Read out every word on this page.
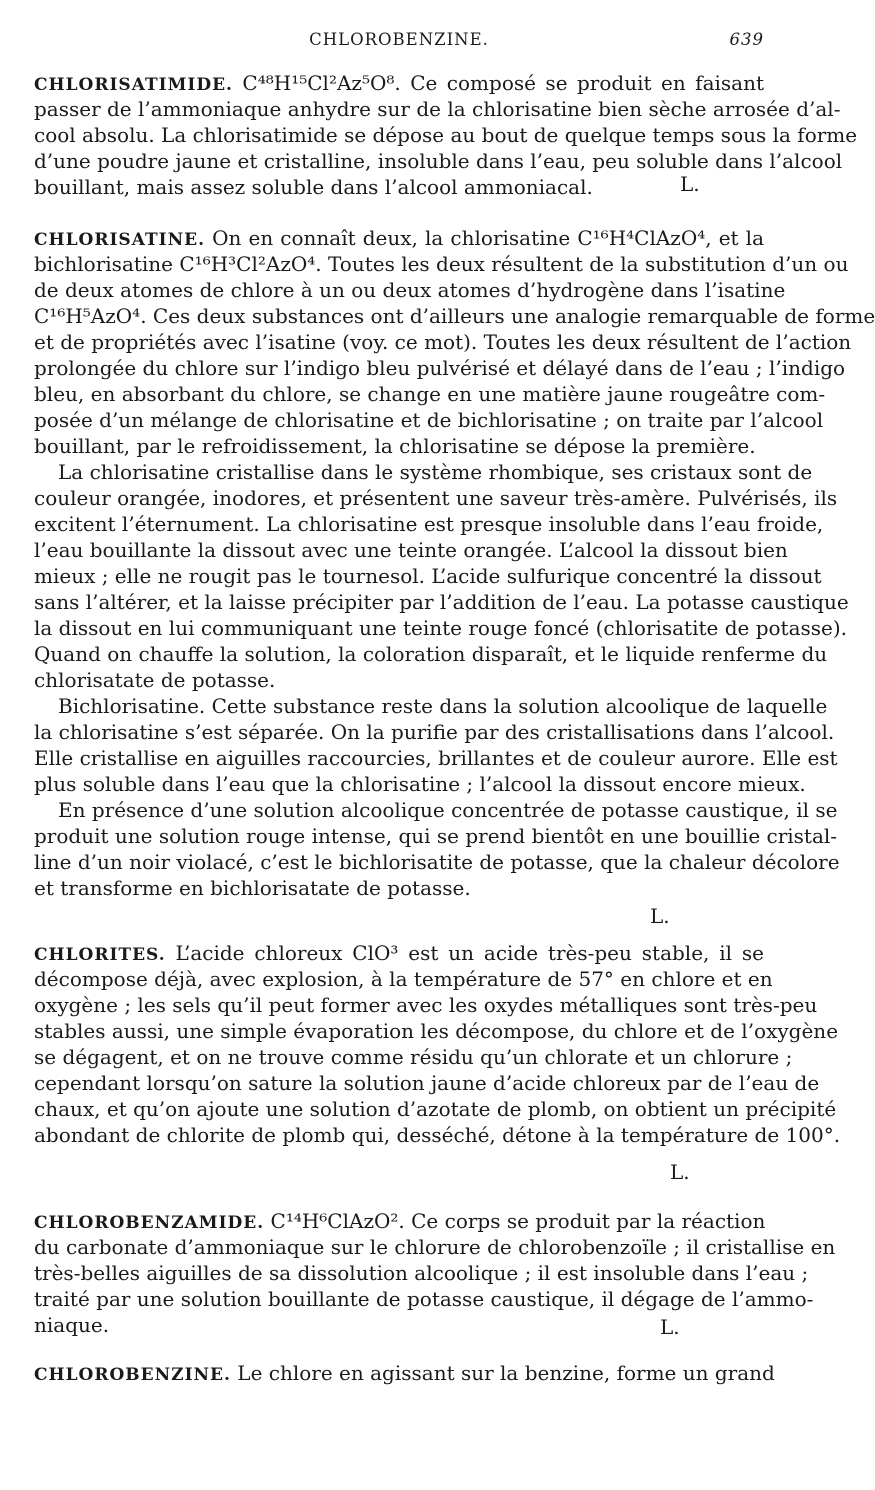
CHLOROBENZINE.	639
CHLORISATIMIDE. C⁴⁸H¹⁵Cl²Az⁵O⁸. Ce composé se produit en faisant
passer de l’ammoniaque anhydre sur de la chlorisatine bien sèche arrosée d’al-
cool absolu. La chlorisatimide se dépose au bout de quelque temps sous la forme
d’une poudre jaune et cristalline, insoluble dans l’eau, peu soluble dans l’alcool
bouillant, mais assez soluble dans l’alcool ammoniacal.
CHLORISATINE. On en connaît deux, la chlorisatine C¹⁶H⁴ClAzO⁴, et la
bichlorisatine C¹⁶H³Cl²AzO⁴. Toutes les deux résultent de la substitution d’un ou
de deux atomes de chlore à un ou deux atomes d’hydrogène dans l’isatine
C¹⁶H⁵AzO⁴. Ces deux substances ont d’ailleurs une analogie remarquable de forme
et de propriétés avec l’isatine (voy. ce mot). Toutes les deux résultent de l’action
prolongée du chlore sur l’indigo bleu pulvérisé et délayé dans de l’eau ; l’indigo
bleu, en absorbant du chlore, se change en une matière jaune rougeâtre com-
posée d’un mélange de chlorisatine et de bichlorisatine ; on traite par l’alcool
bouillant, par le refroidissement, la chlorisatine se dépose la première.
La chlorisatine cristallise dans le système rhombique, ses cristaux sont de
couleur orangée, inodores, et présentent une saveur très-amère. Pulvérisés, ils
excitent l’éternument. La chlorisatine est presque insoluble dans l’eau froide,
l’eau bouillante la dissout avec une teinte orangée. L’alcool la dissout bien
mieux ; elle ne rougit pas le tournesol. L’acide sulfurique concentré la dissout
sans l’altérer, et la laisse précipiter par l’addition de l’eau. La potasse caustique
la dissout en lui communiquant une teinte rouge foncé (chlorisatite de potasse).
Quand on chauffe la solution, la coloration disparaît, et le liquide renferme du
chlorisatate de potasse.
Bichlorisatine. Cette substance reste dans la solution alcoolique de laquelle
la chlorisatine s’est séparée. On la purifie par des cristallisations dans l’alcool.
Elle cristallise en aiguilles raccourcies, brillantes et de couleur aurore. Elle est
plus soluble dans l’eau que la chlorisatine ; l’alcool la dissout encore mieux.
En présence d’une solution alcoolique concentrée de potasse caustique, il se
produit une solution rouge intense, qui se prend bientôt en une bouillie cristal-
line d’un noir violacé, c’est le bichlorisatite de potasse, que la chaleur décolore
et transforme en bichlorisatate de potasse.
CHLORITES. L’acide chloreux ClO³ est un acide très-peu stable, il se
décompose déjà, avec explosion, à la température de 57° en chlore et en
oxygène ; les sels qu’il peut former avec les oxydes métalliques sont très-peu
stables aussi, une simple évaporation les décompose, du chlore et de l’oxygène
se dégagent, et on ne trouve comme résidu qu’un chlorate et un chlorure ;
cependant lorsqu’on sature la solution jaune d’acide chloreux par de l’eau de
chaux, et qu’on ajoute une solution d’azotate de plomb, on obtient un précipité
abondant de chlorite de plomb qui, desséché, détone à la température de 100°.
CHLOROBENZAMIDE. C¹⁴H⁶ClAzO². Ce corps se produit par la réaction
du carbonate d’ammoniaque sur le chlorure de chlorobenzoïle ; il cristallise en
très-belles aiguilles de sa dissolution alcoolique ; il est insoluble dans l’eau ;
traité par une solution bouillante de potasse caustique, il dégage de l’ammo-
niaque.
CHLOROBENZINE. Le chlore en agissant sur la benzine, forme un grand
L.
L.
L.
L.
